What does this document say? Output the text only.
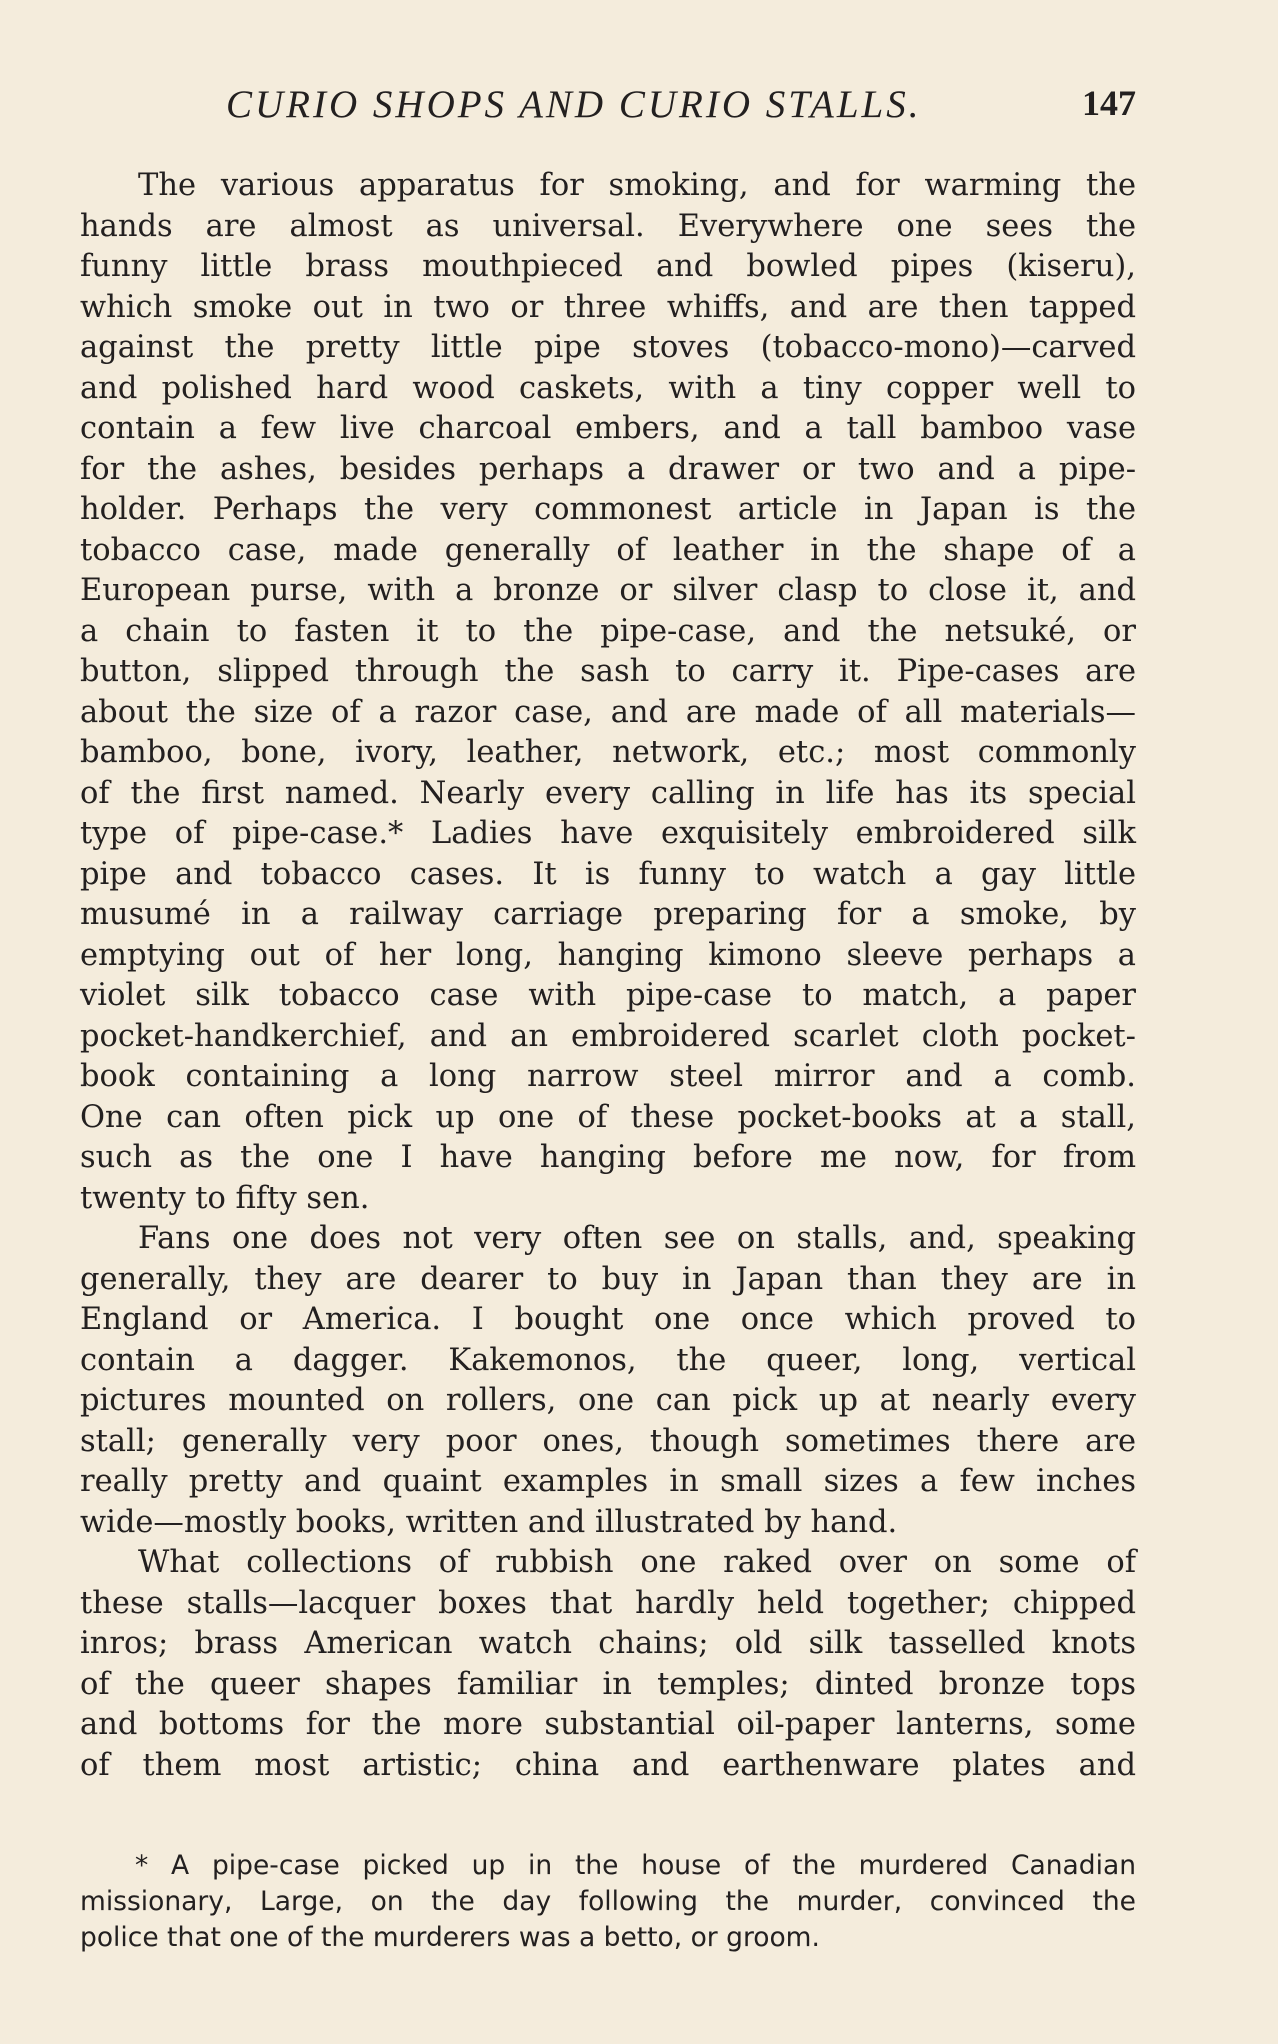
CURIO SHOPS AND CURIO STALLS.	147
The various apparatus for smoking, and for warming the
hands are almost as universal. Everywhere one sees the
funny little brass mouthpieced and bowled pipes (kiseru),
which smoke out in two or three whiffs, and are then tapped
against the pretty little pipe stoves (tobacco-mono)—carved
and polished hard wood caskets, with a tiny copper well to
contain a few live charcoal embers, and a tall bamboo vase
for the ashes, besides perhaps a drawer or two and a pipe-
holder. Perhaps the very commonest article in Japan is the
tobacco case, made generally of leather in the shape of a
European purse, with a bronze or silver clasp to close it, and
a chain to fasten it to the pipe-case, and the netsuké, or
button, slipped through the sash to carry it. Pipe-cases are
about the size of a razor case, and are made of all materials—
bamboo, bone, ivory, leather, network, etc.; most commonly
of the first named. Nearly every calling in life has its special
type of pipe-case.* Ladies have exquisitely embroidered silk
pipe and tobacco cases. It is funny to watch a gay little
musumé in a railway carriage preparing for a smoke, by
emptying out of her long, hanging kimono sleeve perhaps a
violet silk tobacco case with pipe-case to match, a paper
pocket-handkerchief, and an embroidered scarlet cloth pocket-
book containing a long narrow steel mirror and a comb.
One can often pick up one of these pocket-books at a stall,
such as the one I have hanging before me now, for from
twenty to fifty sen.
Fans one does not very often see on stalls, and, speaking
generally, they are dearer to buy in Japan than they are in
England or America. I bought one once which proved to
contain a dagger. Kakemonos, the queer, long, vertical
pictures mounted on rollers, one can pick up at nearly every
stall; generally very poor ones, though sometimes there are
really pretty and quaint examples in small sizes a few inches
wide—mostly books, written and illustrated by hand.
What collections of rubbish one raked over on some of
these stalls—lacquer boxes that hardly held together; chipped
inros; brass American watch chains; old silk tasselled knots
of the queer shapes familiar in temples; dinted bronze tops
and bottoms for the more substantial oil-paper lanterns, some
of them most artistic; china and earthenware plates and
* A pipe-case picked up in the house of the murdered Canadian
missionary, Large, on the day following the murder, convinced the
police that one of the murderers was a betto, or groom.
